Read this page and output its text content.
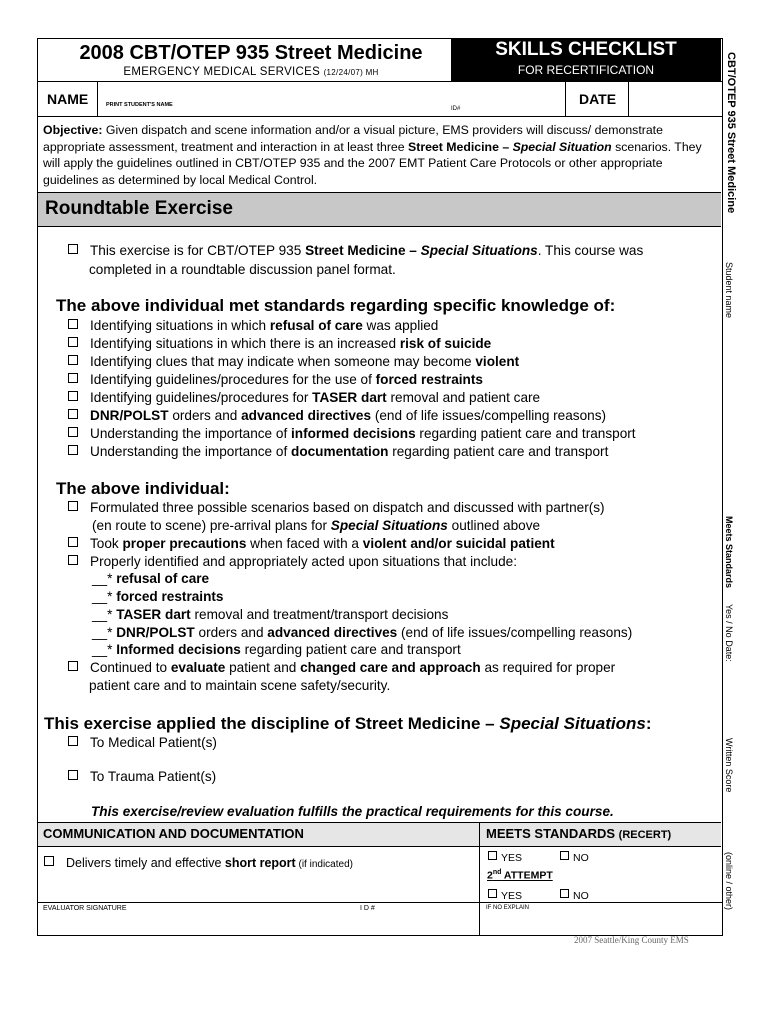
2008 CBT/OTEP 935 Street Medicine
EMERGENCY MEDICAL SERVICES (12/24/07) MH
SKILLS CHECKLIST
FOR RECERTIFICATION
NAME	PRINT STUDENT'S NAME
ID#
DATE
Objective: Given dispatch and scene information and/or a visual picture, EMS providers will discuss/ demonstrate appropriate assessment, treatment and interaction in at least three Street Medicine – Special Situation scenarios. They will apply the guidelines outlined in CBT/OTEP 935 and the 2007 EMT Patient Care Protocols or other appropriate guidelines as determined by local Medical Control.
Roundtable Exercise
This exercise is for CBT/OTEP 935 Street Medicine – Special Situations. This course was
completed in a roundtable discussion panel format.
The above individual met standards regarding specific knowledge of:
Identifying situations in which refusal of care was applied
Identifying situations in which there is an increased risk of suicide
Identifying clues that may indicate when someone may become violent
Identifying guidelines/procedures for the use of forced restraints
Identifying guidelines/procedures for TASER dart removal and patient care
DNR/POLST orders and advanced directives (end of life issues/compelling reasons)
Understanding the importance of informed decisions regarding patient care and transport
Understanding the importance of documentation regarding patient care and transport
The above individual:
Formulated three possible scenarios based on dispatch and discussed with partner(s)
(en route to scene) pre-arrival plans for Special Situations outlined above
Took proper precautions when faced with a violent and/or suicidal patient
Properly identified and appropriately acted upon situations that include:
__* refusal of care
__* forced restraints
__* TASER dart removal and treatment/transport decisions
__* DNR/POLST orders and advanced directives (end of life issues/compelling reasons)
__* Informed decisions regarding patient care and transport
Continued to evaluate patient and changed care and approach as required for proper
patient care and to maintain scene safety/security.
This exercise applied the discipline of Street Medicine – Special Situations:
To Medical Patient(s)
To Trauma Patient(s)
This exercise/review evaluation fulfills the practical requirements for this course.
COMMUNICATION AND DOCUMENTATION	MEETS STANDARDS (RECERT)
Delivers timely and effective short report (if indicated)
YES	NO
2nd ATTEMPT
YES	NO
EVALUATOR SIGNATURE	I D #	IF NO EXPLAIN
CBT/OTEP 935 Street Medicine
Student name
Meets Standards
Yes / No Date:
Written Score
(online / other)
2007 Seattle/King County EMS
